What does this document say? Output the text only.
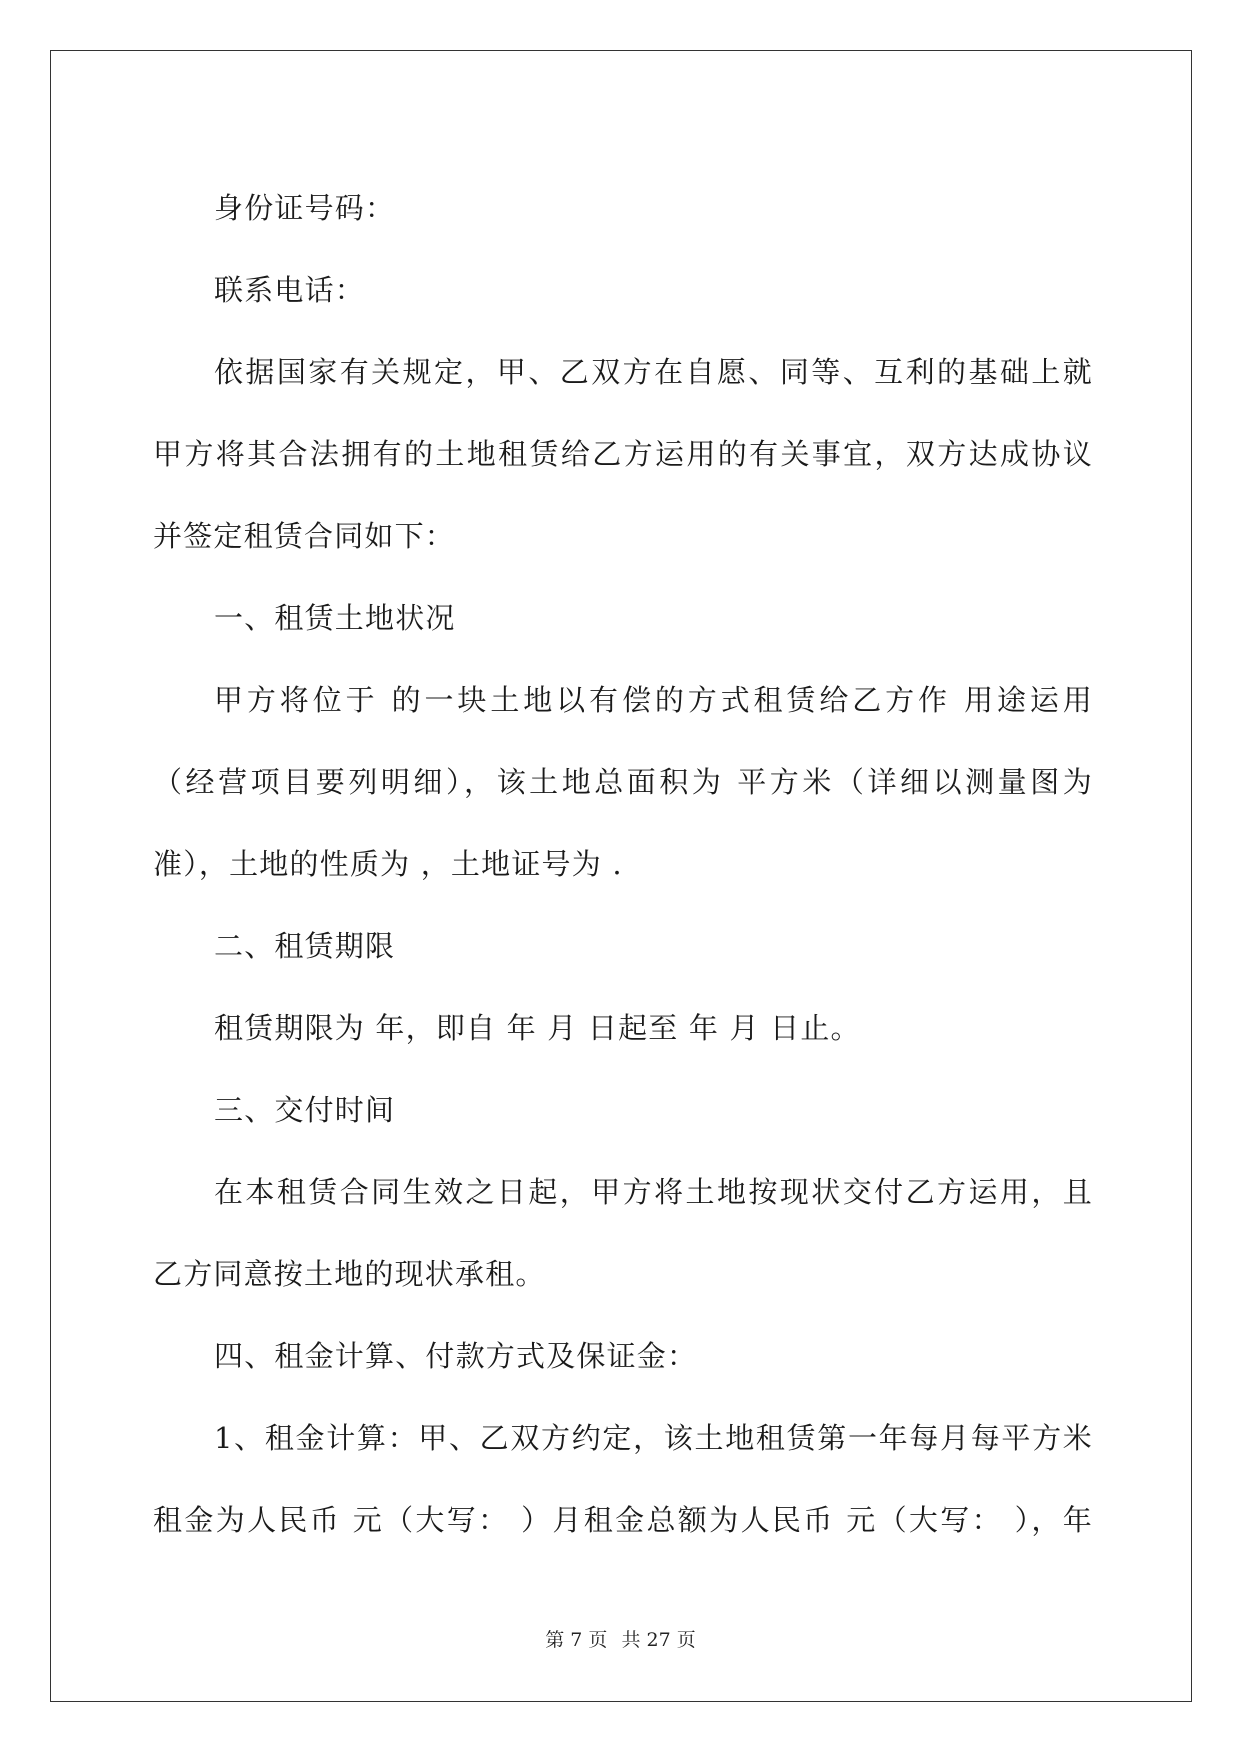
身份证号码：
联系电话：
依据国家有关规定，甲、乙双方在自愿、同等、互利的基础上就
甲方将其合法拥有的土地租赁给乙方运用的有关事宜，双方达成协议
并签定租赁合同如下：
一、租赁土地状况
甲方将位于 的一块土地以有偿的方式租赁给乙方作 用途运用
（经营项目要列明细），该土地总面积为 平方米（详细以测量图为
准），土地的性质为 ，土地证号为 .
二、租赁期限
租赁期限为 年，即自 年 月 日起至 年 月 日止。
三、交付时间
在本租赁合同生效之日起，甲方将土地按现状交付乙方运用，且
乙方同意按土地的现状承租。
四、租金计算、付款方式及保证金：
1、租金计算：甲、乙双方约定，该土地租赁第一年每月每平方米
租金为人民币 元（大写： ）月租金总额为人民币 元（大写： ），年
第 7 页 共 27 页
